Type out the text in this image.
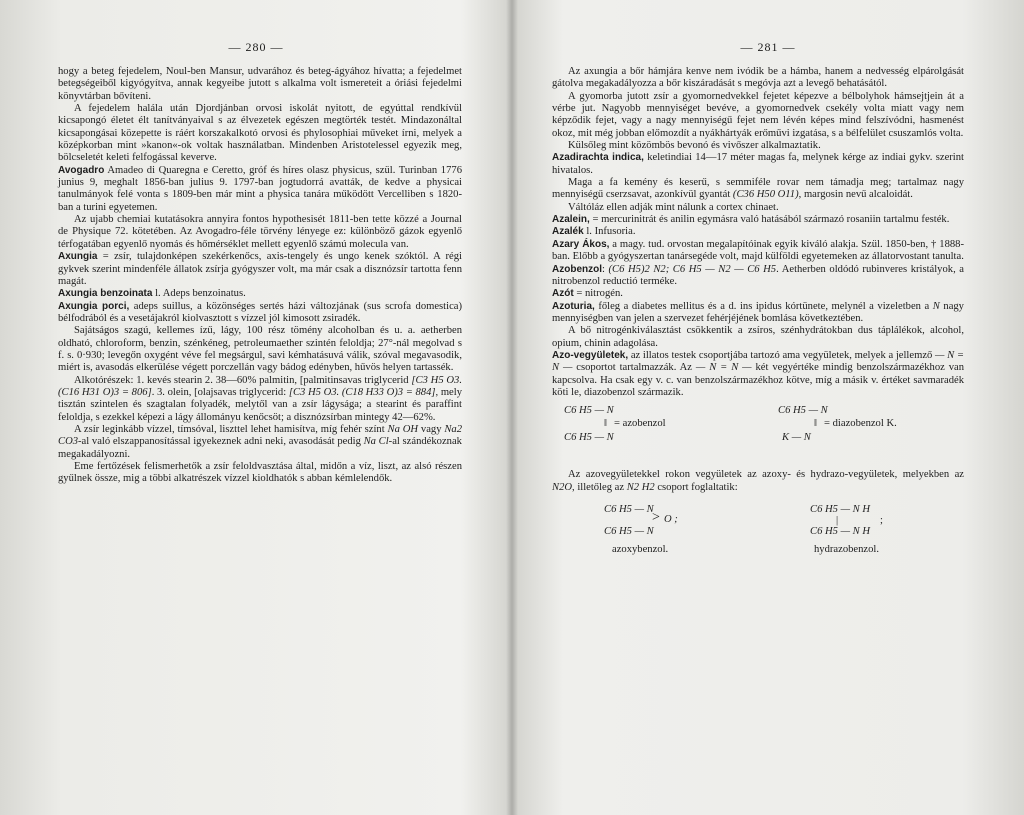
— 280 —

hogy a beteg fejedelem, Noul-ben Mansur, udvarához és beteg-ágyához hívatta; a fejedelmet betegségeiből kigyógyítva, annak kegyeibe jutott s alkalma volt ismereteit a óriási fejedelmi könyvtárban bővíteni.

A fejedelem halála után Djordjánban orvosi iskolát nyitott, de egyúttal rendkívül kicsapongó életet élt tanítványaival s az élvezetek egészen megtörték testét. Mindazonáltal kicsapongásai közepette is ráért korszakalkotó orvosi és phylosophiai műveket írni, melyek a középkorban mint »kanon«-ok voltak használatban. Mindenben Aristotelessel egyezik meg, bölcseletét keleti felfogással keverve.

Avogadro Amadeo di Quaregna e Ceretto, gróf és híres olasz physicus, szül. Turinban 1776 junius 9, meghalt 1856-ban julius 9. 1797-ban jogtudorrá avatták, de kedve a physicai tanulmányok felé vonta s 1809-ben már mint a physica tanára működött Vercelliben s 1820-ban a turini egyetemen.

Az ujabb chemiai kutatásokra annyira fontos hypothesisét 1811-ben tette közzé a Journal de Physique 72. kötetében. Az Avogadro-féle törvény lényege ez: különböző gázok egyenlő térfogatában egyenlő nyomás és hőmérséklet mellett egyenlő számú molecula van.

Axungia = zsír, tulajdonképen szekérkenőcs, axis-tengely és ungo kenek szóktól. A régi gykvek szerint mindenféle állatok zsírja gyógyszer volt, ma már csak a disznózsír tartotta fenn magát.

Axungia benzoinata l. Adeps benzoinatus.

Axungia porci, adeps suillus, a közönséges sertés házi változjának (sus scrofa domestica) bélfodrából és a vesetájakról kiolvasztott s vízzel jól kimosott zsiradék.

Sajátságos szagú, kellemes ízű, lágy, 100 rész tömény alcoholban és u. a. aetherben oldható, chloroform, benzin, szénkéneg, petroleumaether szintén feloldja; 27°-nál megolvad s f. s. 0·930; levegőn oxygént véve fel megsárgul, savi kémhatásuvá válik, szóval megavasodik, miért is, avasodás elkerülése végett porczellán vagy bádog edényben, hűvös helyen tartassék.

Alkotórészek: 1. kevés stearin 2. 38—60% palmitin, [palmitinsavas triglycerid [C3 H5 O3. (C16 H31 O)3 = 806]. 3. olein, [olajsavas triglycerid: [C3 H5 O3. (C18 H33 O)3 = 884], mely tisztán szintelen és szagtalan folyadék, melytől van a zsír lágysága; a stearint és paraffint feloldja, s ezekkel képezi a lágy állományu kenőcsöt; a disznózsírban mintegy 42—62%.

A zsír leginkább vízzel, tímsóval, liszttel lehet hamisítva, míg fehér színt Na OH vagy Na2 CO3-al való elszappanosítással igyekeznek adni neki, avasodását pedig Na Cl-al szándékoznak megakadályozni.

Eme fertőzések felismerhetők a zsír feloldvasztása által, midőn a víz, liszt, az alsó részen gyűlnek össze, mig a többi alkatrészek vízzel kioldhatók s abban kémlelendők.

— 281 —

Az axungia a bőr hámjára kenve nem ivódik be a hámba, hanem a nedvesség elpárolgását gátolva megakadályozza a bőr kiszáradását s megóvja azt a levegő behatásától.

A gyomorba jutott zsír a gyomornedvekkel fejetet képezve a bélbolyhok hámsejtjein át a vérbe jut. Nagyobb mennyiséget bevéve, a gyomornedvek csekély volta miatt vagy nem képződik fejet, vagy a nagy mennyiségű fejet nem lévén képes mind felszívódni, hasmenést okoz, mit még jobban előmozdít a nyákhártyák erőművi izgatása, s a bélfelület csuszamlós volta.

Külsőleg mint közömbös bevonó és vivőszer alkalmaztatik.

Azadirachta indica, keletindiai 14—17 méter magas fa, melynek kérge az indiai gykv. szerint hivatalos.

Maga a fa kemény és keserű, s semmiféle rovar nem támadja meg; tartalmaz nagy mennyiségű cserzsavat, azonkívül gyantát (C36 H50 O11), margosin nevű alcaloidát.

Váltóláz ellen adják mint nálunk a cortex chinaet.

Azalein, = mercurinitrát és anilin egymásra való hatásából származó rosaniin tartalmu festék.

Azalék l. Infusoria.

Azary Ákos, a magy. tud. orvostan megalapítóinak egyik kiváló alakja. Szül. 1850-ben, † 1888-ban. Előbb a gyógyszertan tanársegéde volt, majd külföldi egyetemeken az állatorvostant tanulta.

Azobenzol: (C6 H5)2 N2; C6 H5 — N2 — C6 H5. Aetherben oldódó rubinveres kristályok, a nitrobenzol reductió terméke.

Azót = nitrogén.

Azoturia, főleg a diabetes mellitus és a d. ins ipidus kórtünete, melynél a vizeletben a N nagy mennyiségben van jelen a szervezet fehérjéjének bomlása következtében.

A bő nitrogénkiválasztást csökkentik a zsíros, szénhydrátokban dus táplálékok, alcohol, opium, chinin adagolása.

Azo-vegyületek, az illatos testek csoportjába tartozó ama vegyületek, melyek a jellemző — N = N — csoportot tartalmazzák. Az — N = N — két vegyértéke mindig benzolszármazékhoz van kapcsolva. Ha csak egy v. c. van benzolszármazékhoz kötve, míg a másik v. értéket savmaradék köti le, diazobenzol származik.

C6 H5 — N
‖ = azobenzol
C6 H5 — N
C6 H5 — N
‖ = diazobenzol K.
K — N

Az azovegyületekkel rokon vegyületek az azoxy- és hydrazo-vegyületek, melyekben az N2O, illetőleg az N2 H2 csoport foglaltatik:

C6 H5 — N
> O ;
C6 H5 — N
azoxybenzol.
C6 H5 — N H
|	;
C6 H5 — N H
hydrazobenzol.
